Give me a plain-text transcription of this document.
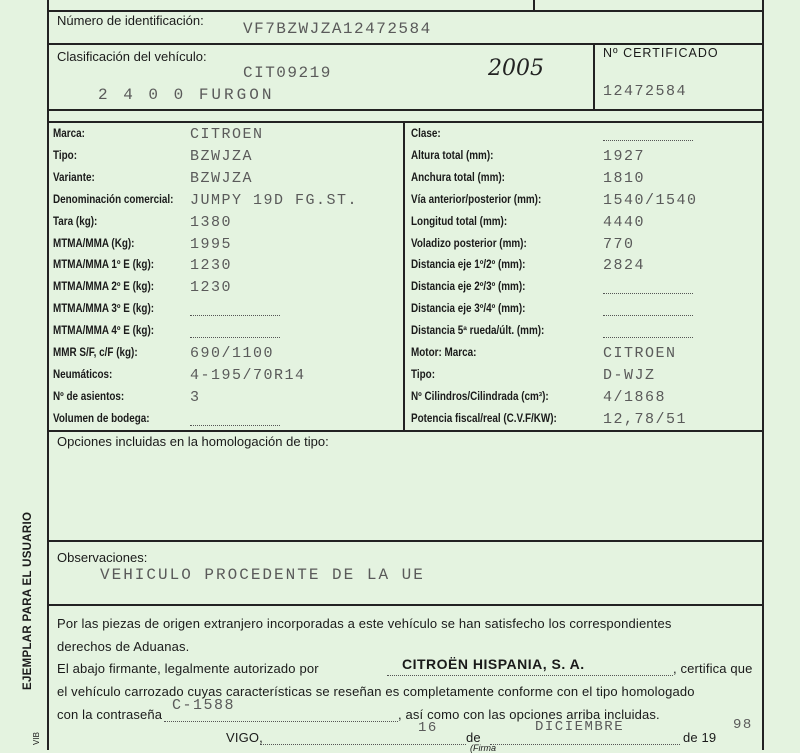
Número de identificación: VF7BZWJZA12472584
Clasificación del vehículo:
CIT09219
2 4 0 0 FURGON
2005
Nº CERTIFICADO
12472584
Marca:	CITROEN
Tipo:	BZWJZA
Variante:	BZWJZA
Denominación comercial: JUMPY 19D FG.ST.
Tara (kg):	1380
MTMA/MMA (Kg):	1995
MTMA/MMA 1º E (kg): 1230
MTMA/MMA 2º E (kg): 1230
MTMA/MMA 3º E (kg):
MTMA/MMA 4º E (kg):
MMR S/F, c/F (kg):	690/1100
Neumáticos:	4-195/70R14
Nº de asientos:	3
Volumen de bodega:
Clase:
Altura total (mm):	1927
Anchura total (mm):	1810
Vía anterior/posterior (mm):	1540/1540
Longitud total (mm):	4440
Voladizo posterior (mm):	770
Distancia eje 1º/2º (mm):	2824
Distancia eje 2º/3º (mm):
Distancia eje 3º/4º (mm):
Distancia 5ª rueda/últ. (mm):
Motor: Marca:	CITROEN
Tipo:	D-WJZ
Nº Cilindros/Cilindrada (cm³):	4/1868
Potencia fiscal/real (C.V.F/KW):	12,78/51
Opciones incluidas en la homologación de tipo:
Observaciones:
VEHICULO PROCEDENTE DE LA UE
EJEMPLAR PARA EL USUARIO
VIB
Por las piezas de origen extranjero incorporadas a este vehículo se han satisfecho los correspondientes
derechos de Aduanas.
El abajo firmante, legalmente autorizado por	CITROËN HISPANIA, S. A.	, certifica que
el vehículo carrozado cuyas características se reseñan es completamente conforme con el tipo homologado
con la contraseña
C-1588
, así como con las opciones arriba incluidas.
VIGO,
16
de
DICIEMBRE
de 19
98
(Firma
